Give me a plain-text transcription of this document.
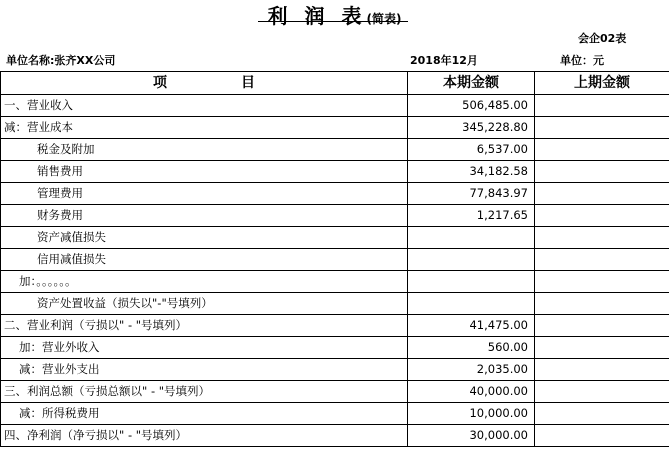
利 润 表(简表)
会企02表
单位名称:张齐XX公司	2018年12月	单位：元
项　目	本期金额	上期金额
一、营业收入	506,485.00	
减：营业成本	345,228.80	
税金及附加	6,537.00	
销售费用	34,182.58	
管理费用	77,843.97	
财务费用	1,217.65	
资产减值损失		
信用减值损失		
加：。。。。。。		
资产处置收益（损失以"-"号填列）		
二、营业利润（亏损以" - "号填列）	41,475.00	
加：营业外收入	560.00	
减：营业外支出	2,035.00	
三、利润总额（亏损总额以" - "号填列）	40,000.00	
减：所得税费用	10,000.00	
四、净利润（净亏损以" - "号填列）	30,000.00	
